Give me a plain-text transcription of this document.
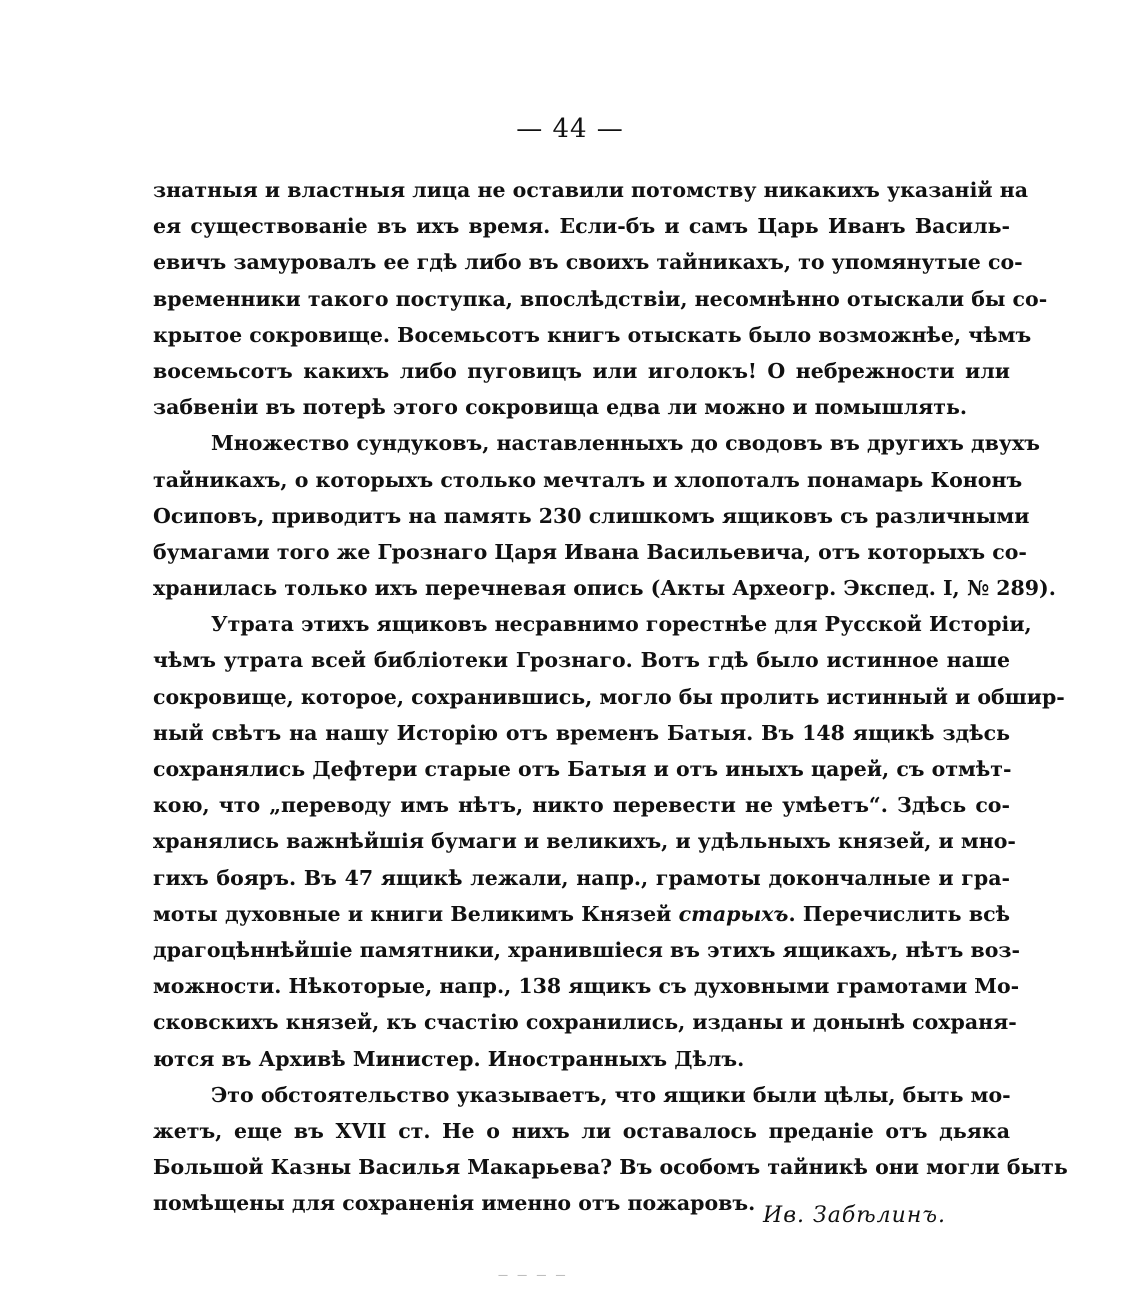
— 44 —
знатныя и властныя лица не оставили потомству никакихъ указаній на
ея существованіе въ ихъ время. Если-бъ и самъ Царь Иванъ Василь-
евичъ замуровалъ ее гдѣ либо въ своихъ тайникахъ, то упомянутые со-
временники такого поступка, впослѣдствіи, несомнѣнно отыскали бы со-
крытое сокровище. Восемьсотъ книгъ отыскать было возможнѣе, чѣмъ
восемьсотъ какихъ либо пуговицъ или иголокъ! О небрежности или
забвеніи въ потерѣ этого сокровища едва ли можно и помышлять.
Множество сундуковъ, наставленныхъ до сводовъ въ другихъ двухъ
тайникахъ, о которыхъ столько мечталъ и хлопоталъ понамарь Кононъ
Осиповъ, приводитъ на память 230 слишкомъ ящиковъ съ различными
бумагами того же Грознаго Царя Ивана Васильевича, отъ которыхъ со-
хранилась только ихъ перечневая опись (Акты Археогр. Экспед. I, № 289).
Утрата этихъ ящиковъ несравнимо горестнѣе для Русской Исторіи,
чѣмъ утрата всей библіотеки Грознаго. Вотъ гдѣ было истинное наше
сокровище, которое, сохранившись, могло бы пролить истинный и обшир-
ный свѣтъ на нашу Исторію отъ временъ Батыя. Въ 148 ящикѣ здѣсь
сохранялись Дефтери старые отъ Батыя и отъ иныхъ царей, съ отмѣт-
кою, что „переводу имъ нѣтъ, никто перевести не умѣетъ“. Здѣсь со-
хранялись важнѣйшія бумаги и великихъ, и удѣльныхъ князей, и мно-
гихъ бояръ. Въ 47 ящикѣ лежали, напр., грамоты докончалные и гра-
моты духовные и книги Великимъ Князей старыхъ. Перечислить всѣ
драгоцѣннѣйшіе памятники, хранившіеся въ этихъ ящикахъ, нѣтъ воз-
можности. Нѣкоторые, напр., 138 ящикъ съ духовными грамотами Мо-
сковскихъ князей, къ счастію сохранились, изданы и донынѣ сохраня-
ются въ Архивѣ Министер. Иностранныхъ Дѣлъ.
Это обстоятельство указываетъ, что ящики были цѣлы, быть мо-
жетъ, еще въ XVII ст. Не о нихъ ли оставалось преданіе отъ дьяка
Большой Казны Василья Макарьева? Въ особомъ тайникѣ они могли быть
помѣщены для сохраненія именно отъ пожаровъ. Ив. Забѣлинъ.
— — — —
